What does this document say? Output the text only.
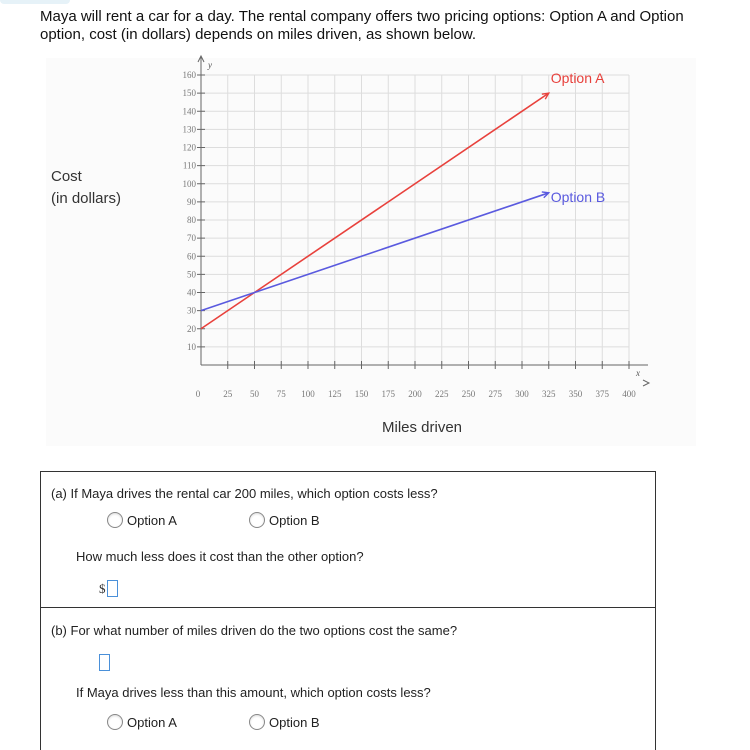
Maya will rent a car for a day. The rental company offers two pricing options: Option A and Option
option, cost (in dollars) depends on miles driven, as shown below.
Cost
(in dollars)
y
x
10
20
30
40
50
60
70
80
90
100
110
120
130
140
150
160
25 50 75 100 125 150 175 200 225 250 275 300 325 350 375 400
0
Option A
Option B
Miles driven
(a) If Maya drives the rental car 200 miles, which option costs less?
Option A	Option B
How much less does it cost than the other option?
$
(b) For what number of miles driven do the two options cost the same?
If Maya drives less than this amount, which option costs less?
Option A	Option B
